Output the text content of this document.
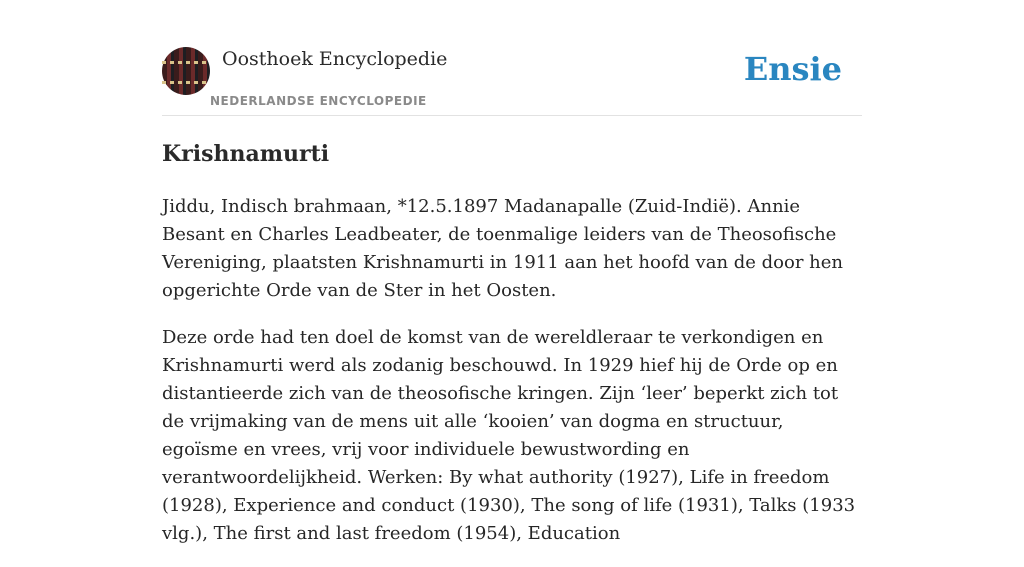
Oosthoek Encyclopedie
NEDERLANDSE ENCYCLOPEDIE
Ensie
Krishnamurti

Jiddu, Indisch brahmaan, *12.5.1897 Madanapalle (Zuid-Indië). Annie Besant en Charles Leadbeater, de toenmalige leiders van de Theosofische Vereniging, plaatsten Krishnamurti in 1911 aan het hoofd van de door hen opgerichte Orde van de Ster in het Oosten.

Deze orde had ten doel de komst van de wereldleraar te verkondigen en Krishnamurti werd als zodanig beschouwd. In 1929 hief hij de Orde op en distantieerde zich van de theosofische kringen. Zijn ‘leer’ beperkt zich tot de vrijmaking van de mens uit alle ‘kooien’ van dogma en structuur, egoïsme en vrees, vrij voor individuele bewustwording en verantwoordelijkheid. Werken: By what authority (1927), Life in freedom (1928), Experience and conduct (1930), The song of life (1931), Talks (1933 vlg.), The first and last freedom (1954), Education
